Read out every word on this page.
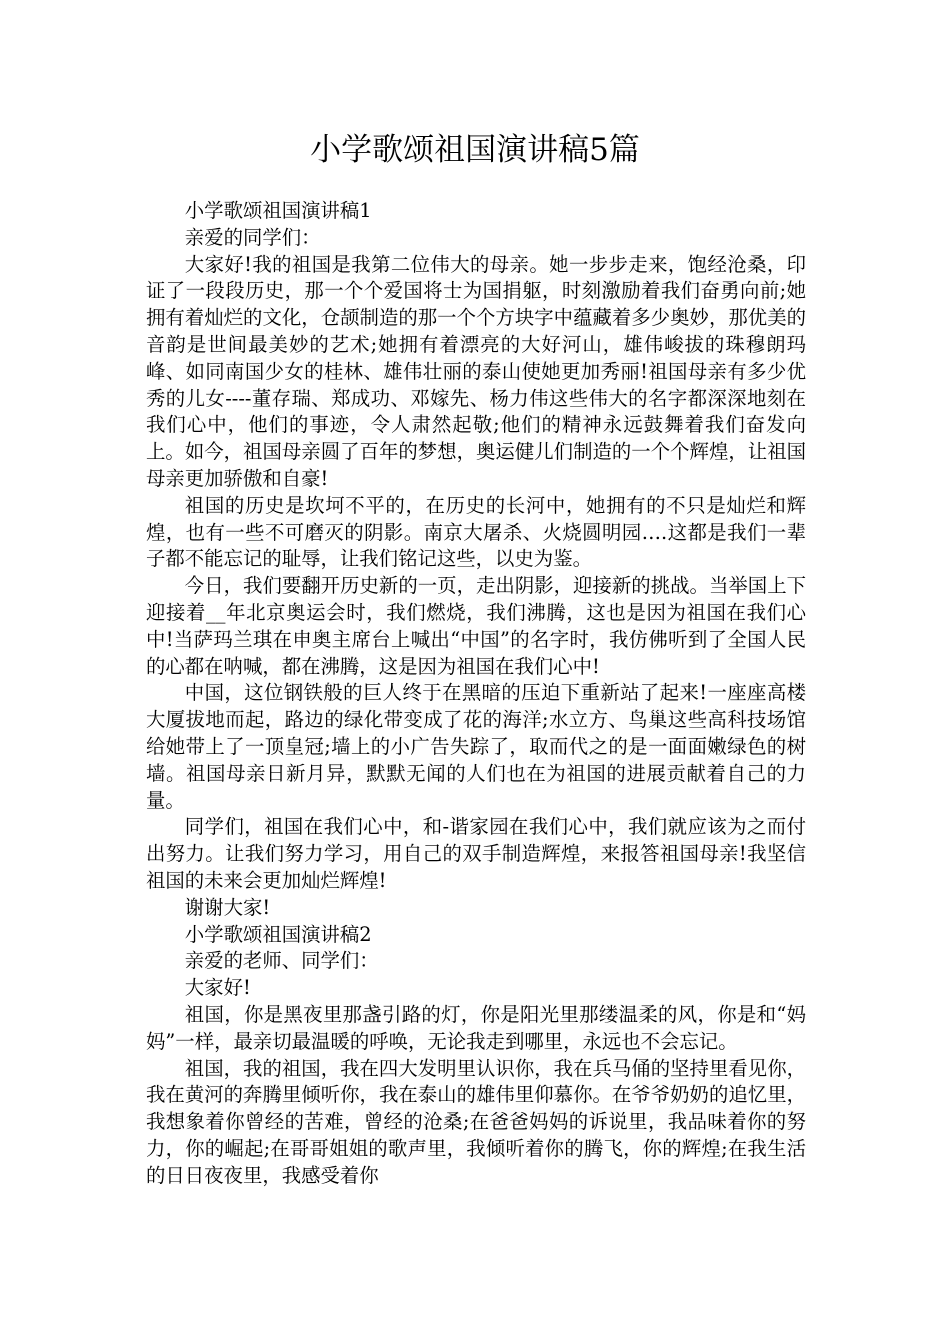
小学歌颂祖国演讲稿5篇

小学歌颂祖国演讲稿1

亲爱的同学们：

大家好!我的祖国是我第二位伟大的母亲。她一步步走来，饱经沧桑，印证了一段段历史，那一个个爱国将士为国捐躯，时刻激励着我们奋勇向前;她拥有着灿烂的文化，仓颉制造的那一个个方块字中蕴藏着多少奥妙，那优美的音韵是世间最美妙的艺术;她拥有着漂亮的大好河山，雄伟峻拔的珠穆朗玛峰、如同南国少女的桂林、雄伟壮丽的泰山使她更加秀丽!祖国母亲有多少优秀的儿女----董存瑞、郑成功、邓嫁先、杨力伟这些伟大的名字都深深地刻在我们心中，他们的事迹，令人肃然起敬;他们的精神永远鼓舞着我们奋发向上。如今，祖国母亲圆了百年的梦想，奥运健儿们制造的一个个辉煌，让祖国母亲更加骄傲和自豪!

祖国的历史是坎坷不平的，在历史的长河中，她拥有的不只是灿烂和辉煌，也有一些不可磨灭的阴影。南京大屠杀、火烧圆明园….这都是我们一辈子都不能忘记的耻辱，让我们铭记这些，以史为鉴。

今日，我们要翻开历史新的一页，走出阴影，迎接新的挑战。当举国上下迎接着__年北京奥运会时，我们燃烧，我们沸腾，这也是因为祖国在我们心中!当萨玛兰琪在申奥主席台上喊出“中国”的名字时，我仿佛听到了全国人民的心都在呐喊，都在沸腾，这是因为祖国在我们心中!

中国，这位钢铁般的巨人终于在黑暗的压迫下重新站了起来!一座座高楼大厦拔地而起，路边的绿化带变成了花的海洋;水立方、鸟巢这些高科技场馆给她带上了一顶皇冠;墙上的小广告失踪了，取而代之的是一面面嫩绿色的树墙。祖国母亲日新月异，默默无闻的人们也在为祖国的进展贡献着自己的力量。

同学们，祖国在我们心中，和-谐家园在我们心中，我们就应该为之而付出努力。让我们努力学习，用自己的双手制造辉煌，来报答祖国母亲!我坚信祖国的未来会更加灿烂辉煌!

谢谢大家!

小学歌颂祖国演讲稿2

亲爱的老师、同学们：

大家好!

祖国，你是黑夜里那盏引路的灯，你是阳光里那缕温柔的风，你是和“妈妈”一样，最亲切最温暖的呼唤，无论我走到哪里，永远也不会忘记。

祖国，我的祖国，我在四大发明里认识你，我在兵马俑的坚持里看见你，我在黄河的奔腾里倾听你，我在泰山的雄伟里仰慕你。在爷爷奶奶的追忆里，我想象着你曾经的苦难，曾经的沧桑;在爸爸妈妈的诉说里，我品味着你的努力，你的崛起;在哥哥姐姐的歌声里，我倾听着你的腾飞，你的辉煌;在我生活的日日夜夜里，我感受着你
